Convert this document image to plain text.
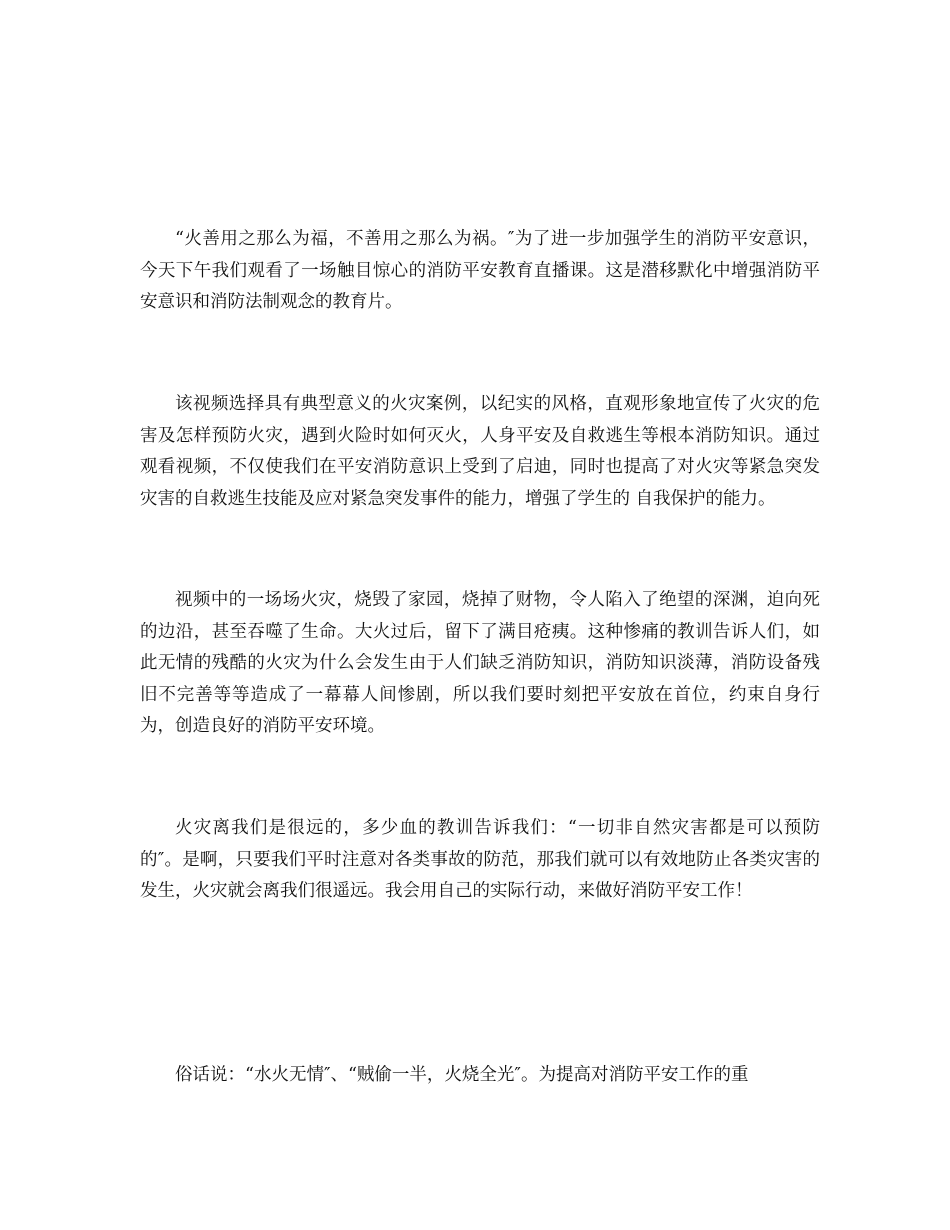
“火善用之那么为福，不善用之那么为祸。″为了进一步加强学生的消防平安意识，今天下午我们观看了一场触目惊心的消防平安教育直播课。这是潜移默化中增强消防平安意识和消防法制观念的教育片。

该视频选择具有典型意义的火灾案例，以纪实的风格，直观形象地宣传了火灾的危害及怎样预防火灾，遇到火险时如何灭火，人身平安及自救逃生等根本消防知识。通过观看视频，不仅使我们在平安消防意识上受到了启迪，同时也提高了对火灾等紧急突发灾害的自救逃生技能及应对紧急突发事件的能力，增强了学生的 自我保护的能力。

视频中的一场场火灾，烧毁了家园，烧掉了财物，令人陷入了绝望的深渊，迫向死的边沿，甚至吞噬了生命。大火过后，留下了满目疮痍。这种惨痛的教训告诉人们，如此无情的残酷的火灾为什么会发生由于人们缺乏消防知识，消防知识淡薄，消防设备残旧不完善等等造成了一幕幕人间惨剧，所以我们要时刻把平安放在首位，约束自身行为，创造良好的消防平安环境。

火灾离我们是很远的，多少血的教训告诉我们：“一切非自然灾害都是可以预防的″。是啊，只要我们平时注意对各类事故的防范，那我们就可以有效地防止各类灾害的发生，火灾就会离我们很遥远。我会用自己的实际行动，来做好消防平安工作！

俗话说：“水火无情″、“贼偷一半，火烧全光″。为提高对消防平安工作的重
